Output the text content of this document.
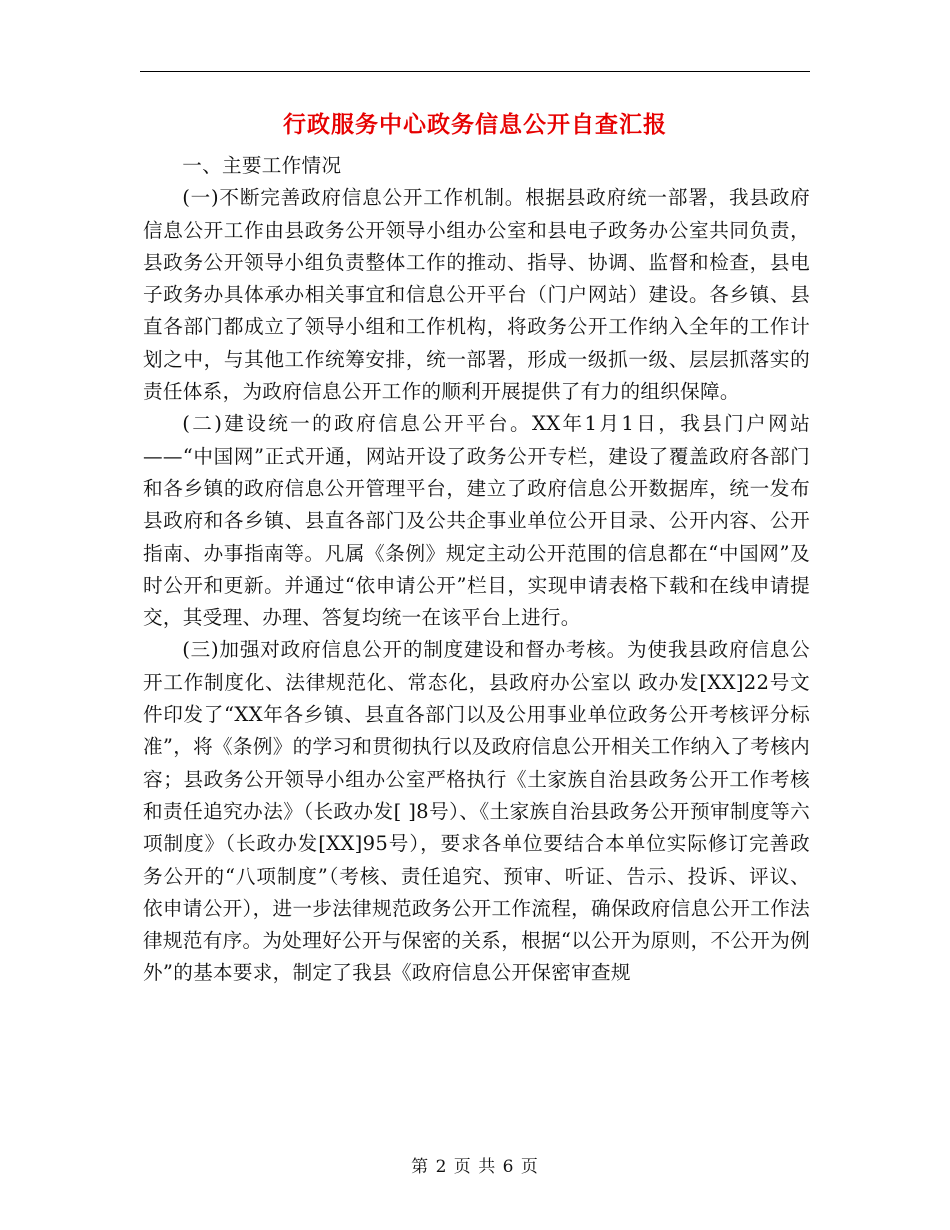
行政服务中心政务信息公开自查汇报

一、主要工作情况

(一)不断完善政府信息公开工作机制。根据县政府统一部署，我县政府信息公开工作由县政务公开领导小组办公室和县电子政务办公室共同负责，县政务公开领导小组负责整体工作的推动、指导、协调、监督和检查，县电子政务办具体承办相关事宜和信息公开平台（门户网站）建设。各乡镇、县直各部门都成立了领导小组和工作机构，将政务公开工作纳入全年的工作计划之中，与其他工作统筹安排，统一部署，形成一级抓一级、层层抓落实的责任体系，为政府信息公开工作的顺利开展提供了有力的组织保障。

(二)建设统一的政府信息公开平台。XX年1月1日，我县门户网站——“中国网”正式开通，网站开设了政务公开专栏，建设了覆盖政府各部门和各乡镇的政府信息公开管理平台，建立了政府信息公开数据库，统一发布县政府和各乡镇、县直各部门及公共企事业单位公开目录、公开内容、公开指南、办事指南等。凡属《条例》规定主动公开范围的信息都在“中国网”及时公开和更新。并通过“依申请公开”栏目，实现申请表格下载和在线申请提交，其受理、办理、答复均统一在该平台上进行。

(三)加强对政府信息公开的制度建设和督办考核。为使我县政府信息公开工作制度化、法律规范化、常态化，县政府办公室以 政办发[XX]22号文件印发了“XX年各乡镇、县直各部门以及公用事业单位政务公开考核评分标准”，将《条例》的学习和贯彻执行以及政府信息公开相关工作纳入了考核内容；县政务公开领导小组办公室严格执行《土家族自治县政务公开工作考核和责任追究办法》（长政办发[ ]8号）、《土家族自治县政务公开预审制度等六项制度》（长政办发[XX]95号），要求各单位要结合本单位实际修订完善政务公开的“八项制度”（考核、责任追究、预审、听证、告示、投诉、评议、依申请公开），进一步法律规范政务公开工作流程，确保政府信息公开工作法律规范有序。为处理好公开与保密的关系，根据“以公开为原则，不公开为例外”的基本要求，制定了我县《政府信息公开保密审查规

第 2 页 共 6 页
